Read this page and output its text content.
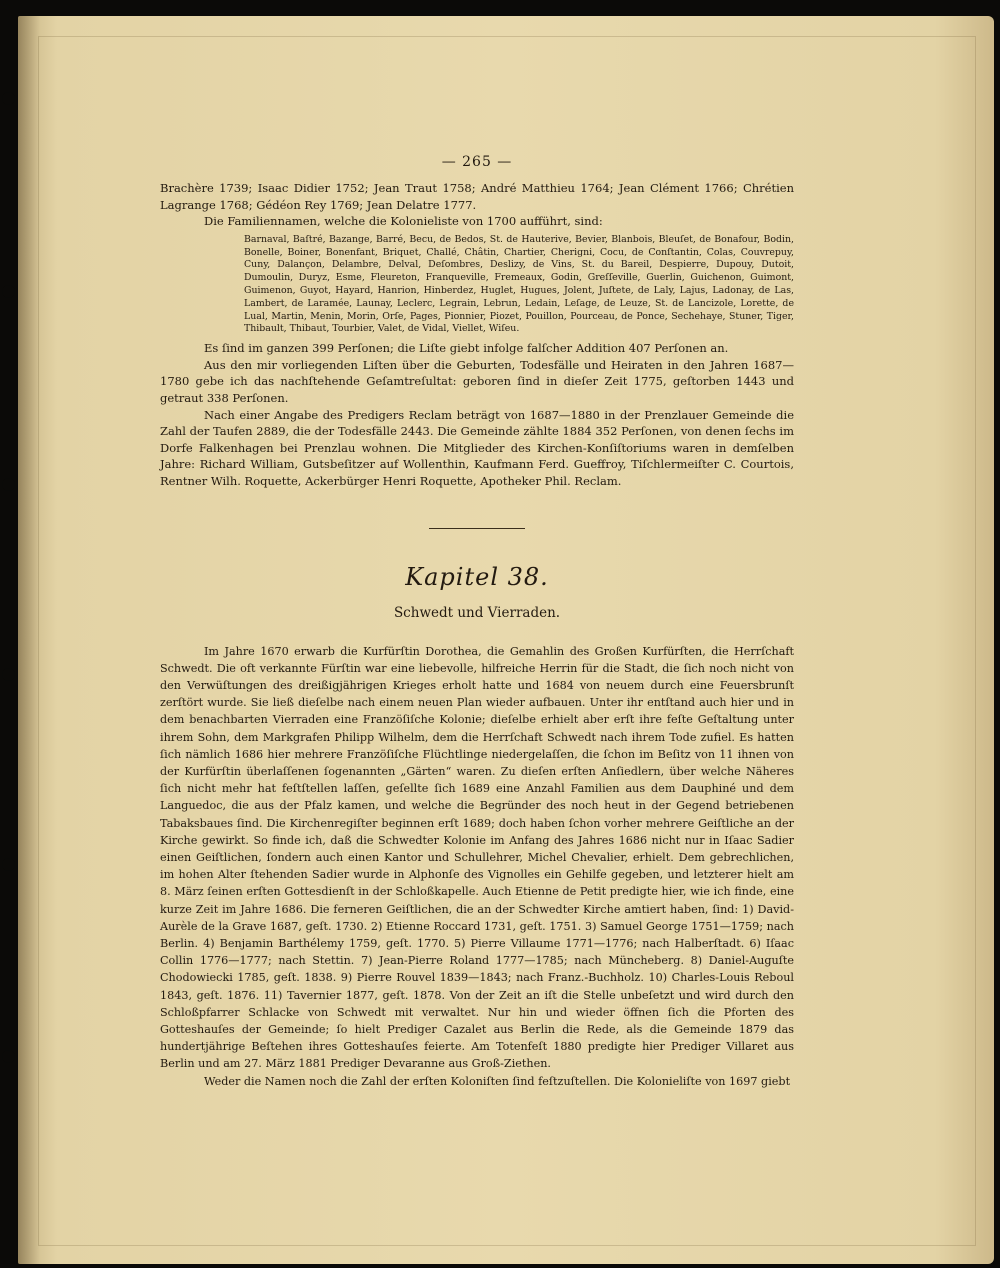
— 265 —

Brachère 1739; Isaac Didier 1752; Jean Traut 1758; André Matthieu 1764; Jean Clément 1766; Chrétien Lagrange 1768; Gédéon Rey 1769; Jean Delatre 1777.

Die Familiennamen, welche die Kolonieliste von 1700 aufführt, sind:

Barnaval, Baſtré, Bazange, Barré, Becu, de Bedos, St. de Hauterive, Bevier, Blanbois, Bleuſet, de Bonafour, Bodin, Bonelle, Boiner, Bonenfant, Briquet, Challé, Châtin, Chartier, Cherigni, Cocu, de Conſtantin, Colas, Couvrepuy, Cuny, Dalançon, Delambre, Delval, Deſombres, Deslizy, de Vins, St. du Bareil, Despierre, Dupouy, Dutoit, Dumoulin, Duryz, Esme, Fleureton, Franqueville, Fremeaux, Godin, Greſſeville, Guerlin, Guichenon, Guimont, Guimenon, Guyot, Hayard, Hanrion, Hinberdez, Huglet, Hugues, Jolent, Juſtete, de Laly, Lajus, Ladonay, de Las, Lambert, de Laramée, Launay, Leclerc, Legrain, Lebrun, Ledain, Leſage, de Leuze, St. de Lancizole, Lorette, de Lual, Martin, Menin, Morin, Orſe, Pages, Pionnier, Piozet, Pouillon, Pourceau, de Ponce, Sechehaye, Stuner, Tiger, Thibault, Thibaut, Tourbier, Valet, de Vidal, Viellet, Wiſeu.

Es ſind im ganzen 399 Perſonen; die Liſte giebt infolge falſcher Addition 407 Perſonen an.

Aus den mir vorliegenden Liſten über die Geburten, Todesfälle und Heiraten in den Jahren 1687—1780 gebe ich das nachſtehende Geſamtreſultat: geboren ſind in dieſer Zeit 1775, geſtorben 1443 und getraut 338 Perſonen.

Nach einer Angabe des Predigers Reclam beträgt von 1687—1880 in der Prenzlauer Gemeinde die Zahl der Taufen 2889, die der Todesfälle 2443. Die Gemeinde zählte 1884 352 Perſonen, von denen ſechs im Dorfe Falkenhagen bei Prenzlau wohnen. Die Mitglieder des Kirchen-Konſiſtoriums waren in demſelben Jahre: Richard William, Gutsbeſitzer auf Wollenthin, Kaufmann Ferd. Gueffroy, Tiſchlermeiſter C. Courtois, Rentner Wilh. Roquette, Ackerbürger Henri Roquette, Apotheker Phil. Reclam.

Kapitel 38.
Schwedt und Vierraden.

Im Jahre 1670 erwarb die Kurfürſtin Dorothea, die Gemahlin des Großen Kurfürſten, die Herrſchaft Schwedt. Die oft verkannte Fürſtin war eine liebevolle, hilfreiche Herrin für die Stadt, die ſich noch nicht von den Verwüſtungen des dreißigjährigen Krieges erholt hatte und 1684 von neuem durch eine Feuersbrunſt zerſtört wurde. Sie ließ dieſelbe nach einem neuen Plan wieder aufbauen. Unter ihr entſtand auch hier und in dem benachbarten Vierraden eine Franzöſiſche Kolonie; dieſelbe erhielt aber erſt ihre feſte Geſtaltung unter ihrem Sohn, dem Markgrafen Philipp Wilhelm, dem die Herrſchaft Schwedt nach ihrem Tode zufiel. Es hatten ſich nämlich 1686 hier mehrere Franzöſiſche Flüchtlinge niedergelaſſen, die ſchon im Beſitz von 11 ihnen von der Kurfürſtin überlaſſenen ſogenannten „Gärten“ waren. Zu dieſen erſten Anſiedlern, über welche Näheres ſich nicht mehr hat feſtſtellen laſſen, geſellte ſich 1689 eine Anzahl Familien aus dem Dauphiné und dem Languedoc, die aus der Pfalz kamen, und welche die Begründer des noch heut in der Gegend betriebenen Tabaksbaues ſind. Die Kirchenregiſter beginnen erſt 1689; doch haben ſchon vorher mehrere Geiſtliche an der Kirche gewirkt. So finde ich, daß die Schwedter Kolonie im Anfang des Jahres 1686 nicht nur in Iſaac Sadier einen Geiſtlichen, ſondern auch einen Kantor und Schullehrer, Michel Chevalier, erhielt. Dem gebrechlichen, im hohen Alter ſtehenden Sadier wurde in Alphonſe des Vignolles ein Gehilfe gegeben, und letzterer hielt am 8. März ſeinen erſten Gottesdienſt in der Schloßkapelle. Auch Etienne de Petit predigte hier, wie ich finde, eine kurze Zeit im Jahre 1686. Die ferneren Geiſtlichen, die an der Schwedter Kirche amtiert haben, ſind: 1) David-Aurèle de la Grave 1687, geſt. 1730. 2) Etienne Roccard 1731, geſt. 1751. 3) Samuel George 1751—1759; nach Berlin. 4) Benjamin Barthélemy 1759, geſt. 1770. 5) Pierre Villaume 1771—1776; nach Halberſtadt. 6) Iſaac Collin 1776—1777; nach Stettin. 7) Jean-Pierre Roland 1777—1785; nach Müncheberg. 8) Daniel-Auguſte Chodowiecki 1785, geſt. 1838. 9) Pierre Rouvel 1839—1843; nach Franz.-Buchholz. 10) Charles-Louis Reboul 1843, geſt. 1876. 11) Tavernier 1877, geſt. 1878. Von der Zeit an iſt die Stelle unbeſetzt und wird durch den Schloßpfarrer Schlacke von Schwedt mit verwaltet. Nur hin und wieder öffnen ſich die Pforten des Gotteshauſes der Gemeinde; ſo hielt Prediger Cazalet aus Berlin die Rede, als die Gemeinde 1879 das hundertjährige Beſtehen ihres Gotteshauſes feierte. Am Totenfeſt 1880 predigte hier Prediger Villaret aus Berlin und am 27. März 1881 Prediger Devaranne aus Groß-Ziethen.

Weder die Namen noch die Zahl der erſten Koloniſten ſind feſtzuſtellen. Die Kolonieliſte von 1697 giebt
